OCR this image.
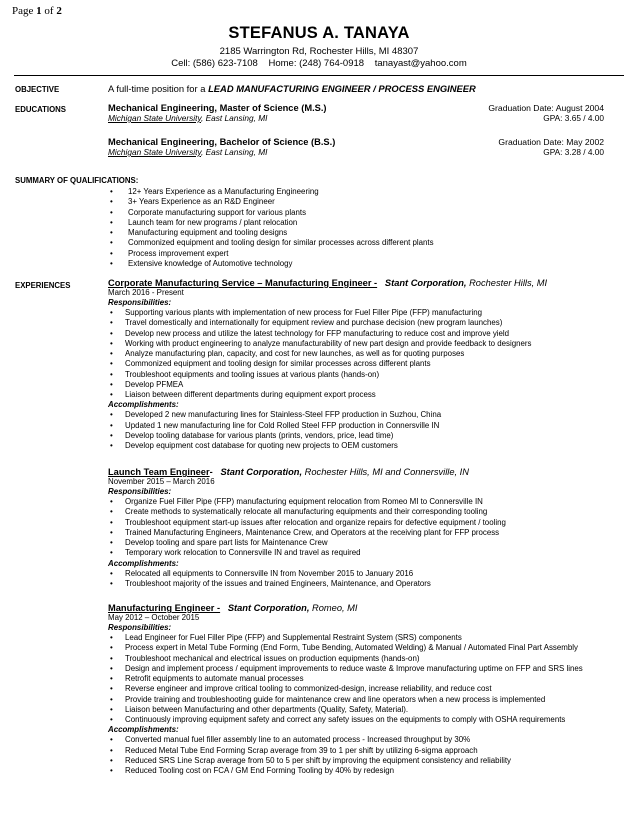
Page 1 of 2
STEFANUS A. TANAYA
2185 Warrington Rd, Rochester Hills, MI 48307
Cell: (586) 623-7108 Home: (248) 764-0918 tanayast@yahoo.com
OBJECTIVE	A full-time position for a LEAD MANUFACTURING ENGINEER / PROCESS ENGINEER
EDUCATIONS	Mechanical Engineering, Master of Science (M.S.)	Graduation Date: August 2004
Michigan State University, East Lansing, MI	GPA: 3.65 / 4.00
Mechanical Engineering, Bachelor of Science (B.S.)	Graduation Date: May 2002
Michigan State University, East Lansing, MI	GPA: 3.28 / 4.00
SUMMARY OF QUALIFICATIONS:
• 12+ Years Experience as a Manufacturing Engineering
• 3+ Years Experience as an R&D Engineer
• Corporate manufacturing support for various plants
• Launch team for new programs / plant relocation
• Manufacturing equipment and tooling designs
• Commonized equipment and tooling design for similar processes across different plants
• Process improvement expert
• Extensive knowledge of Automotive technology
EXPERIENCES	Corporate Manufacturing Service – Manufacturing Engineer - Stant Corporation, Rochester Hills, MI
March 2016 - Present
Responsibilities:
• Supporting various plants with implementation of new process for Fuel Filler Pipe (FFP) manufacturing
• Travel domestically and internationally for equipment review and purchase decision (new program launches)
• Develop new process and utilize the latest technology for FFP manufacturing to reduce cost and improve yield
• Working with product engineering to analyze manufacturability of new part design and provide feedback to designers
• Analyze manufacturing plan, capacity, and cost for new launches, as well as for quoting purposes
• Commonized equipment and tooling design for similar processes across different plants
• Troubleshoot equipments and tooling issues at various plants (hands-on)
• Develop PFMEA
• Liaison between different departments during equipment export process
Accomplishments:
• Developed 2 new manufacturing lines for Stainless-Steel FFP production in Suzhou, China
• Updated 1 new manufacturing line for Cold Rolled Steel FFP production in Connersville IN
• Develop tooling database for various plants (prints, vendors, price, lead time)
• Develop equipment cost database for quoting new projects to OEM customers
Launch Team Engineer- Stant Corporation, Rochester Hills, MI and Connersville, IN
November 2015 – March 2016
Responsibilities:
• Organize Fuel Filler Pipe (FFP) manufacturing equipment relocation from Romeo MI to Connersville IN
• Create methods to systematically relocate all manufacturing equipments and their corresponding tooling
• Troubleshoot equipment start-up issues after relocation and organize repairs for defective equipment / tooling
• Trained Manufacturing Engineers, Maintenance Crew, and Operators at the receiving plant for FFP process
• Develop tooling and spare part lists for Maintenance Crew
• Temporary work relocation to Connersville IN and travel as required
Accomplishments:
• Relocated all equipments to Connersville IN from November 2015 to January 2016
• Troubleshoot majority of the issues and trained Engineers, Maintenance, and Operators
Manufacturing Engineer - Stant Corporation, Romeo, MI
May 2012 – October 2015
Responsibilities:
• Lead Engineer for Fuel Filler Pipe (FFP) and Supplemental Restraint System (SRS) components
• Process expert in Metal Tube Forming (End Form, Tube Bending, Automated Welding) & Manual / Automated Final Part Assembly
• Troubleshoot mechanical and electrical issues on production equipments (hands-on)
• Design and implement process / equipment improvements to reduce waste & Improve manufacturing uptime on FFP and SRS lines
• Retrofit equipments to automate manual processes
• Reverse engineer and improve critical tooling to commonized-design, increase reliability, and reduce cost
• Provide training and troubleshooting guide for maintenance crew and line operators when a new process is implemented
• Liaison between Manufacturing and other departments (Quality, Safety, Material).
• Continuously improving equipment safety and correct any safety issues on the equipments to comply with OSHA requirements
Accomplishments:
• Converted manual fuel filler assembly line to an automated process - Increased throughput by 30%
• Reduced Metal Tube End Forming Scrap average from 39 to 1 per shift by utilizing 6-sigma approach
• Reduced SRS Line Scrap average from 50 to 5 per shift by improving the equipment consistency and reliability
• Reduced Tooling cost on FCA / GM End Forming Tooling by 40% by redesign
